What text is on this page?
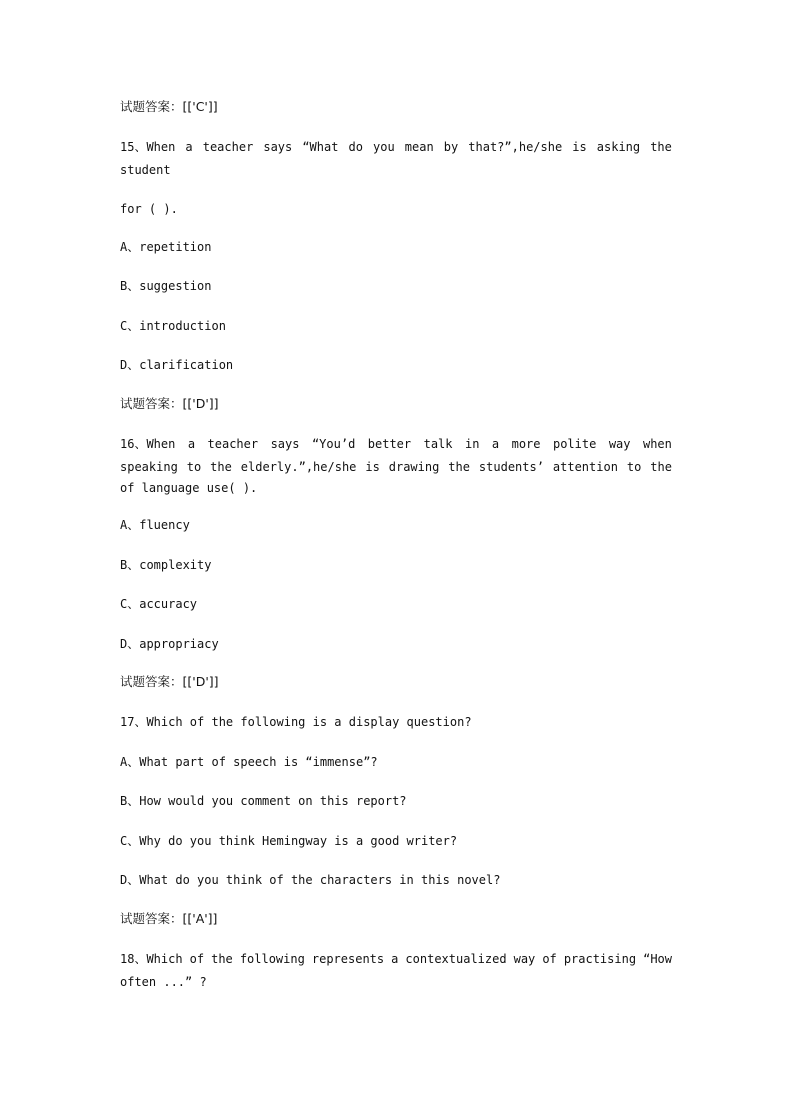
试题答案：[['C']]
15、When a teacher says “What do you mean by that?”,he/she is asking the
student
for ( ).
A、repetition
B、suggestion
C、introduction
D、clarification
试题答案：[['D']]
16、When a teacher says “You’d better talk in a more polite way when
speaking to the elderly.”,he/she is drawing the students’ attention to the
of language use( ).
A、fluency
B、complexity
C、accuracy
D、appropriacy
试题答案：[['D']]
17、Which of the following is a display question?
A、What part of speech is “immense”?
B、How would you comment on this report?
C、Why do you think Hemingway is a good writer?
D、What do you think of the characters in this novel?
试题答案：[['A']]
18、Which of the following represents a contextualized way of practising “How
often ...” ?
